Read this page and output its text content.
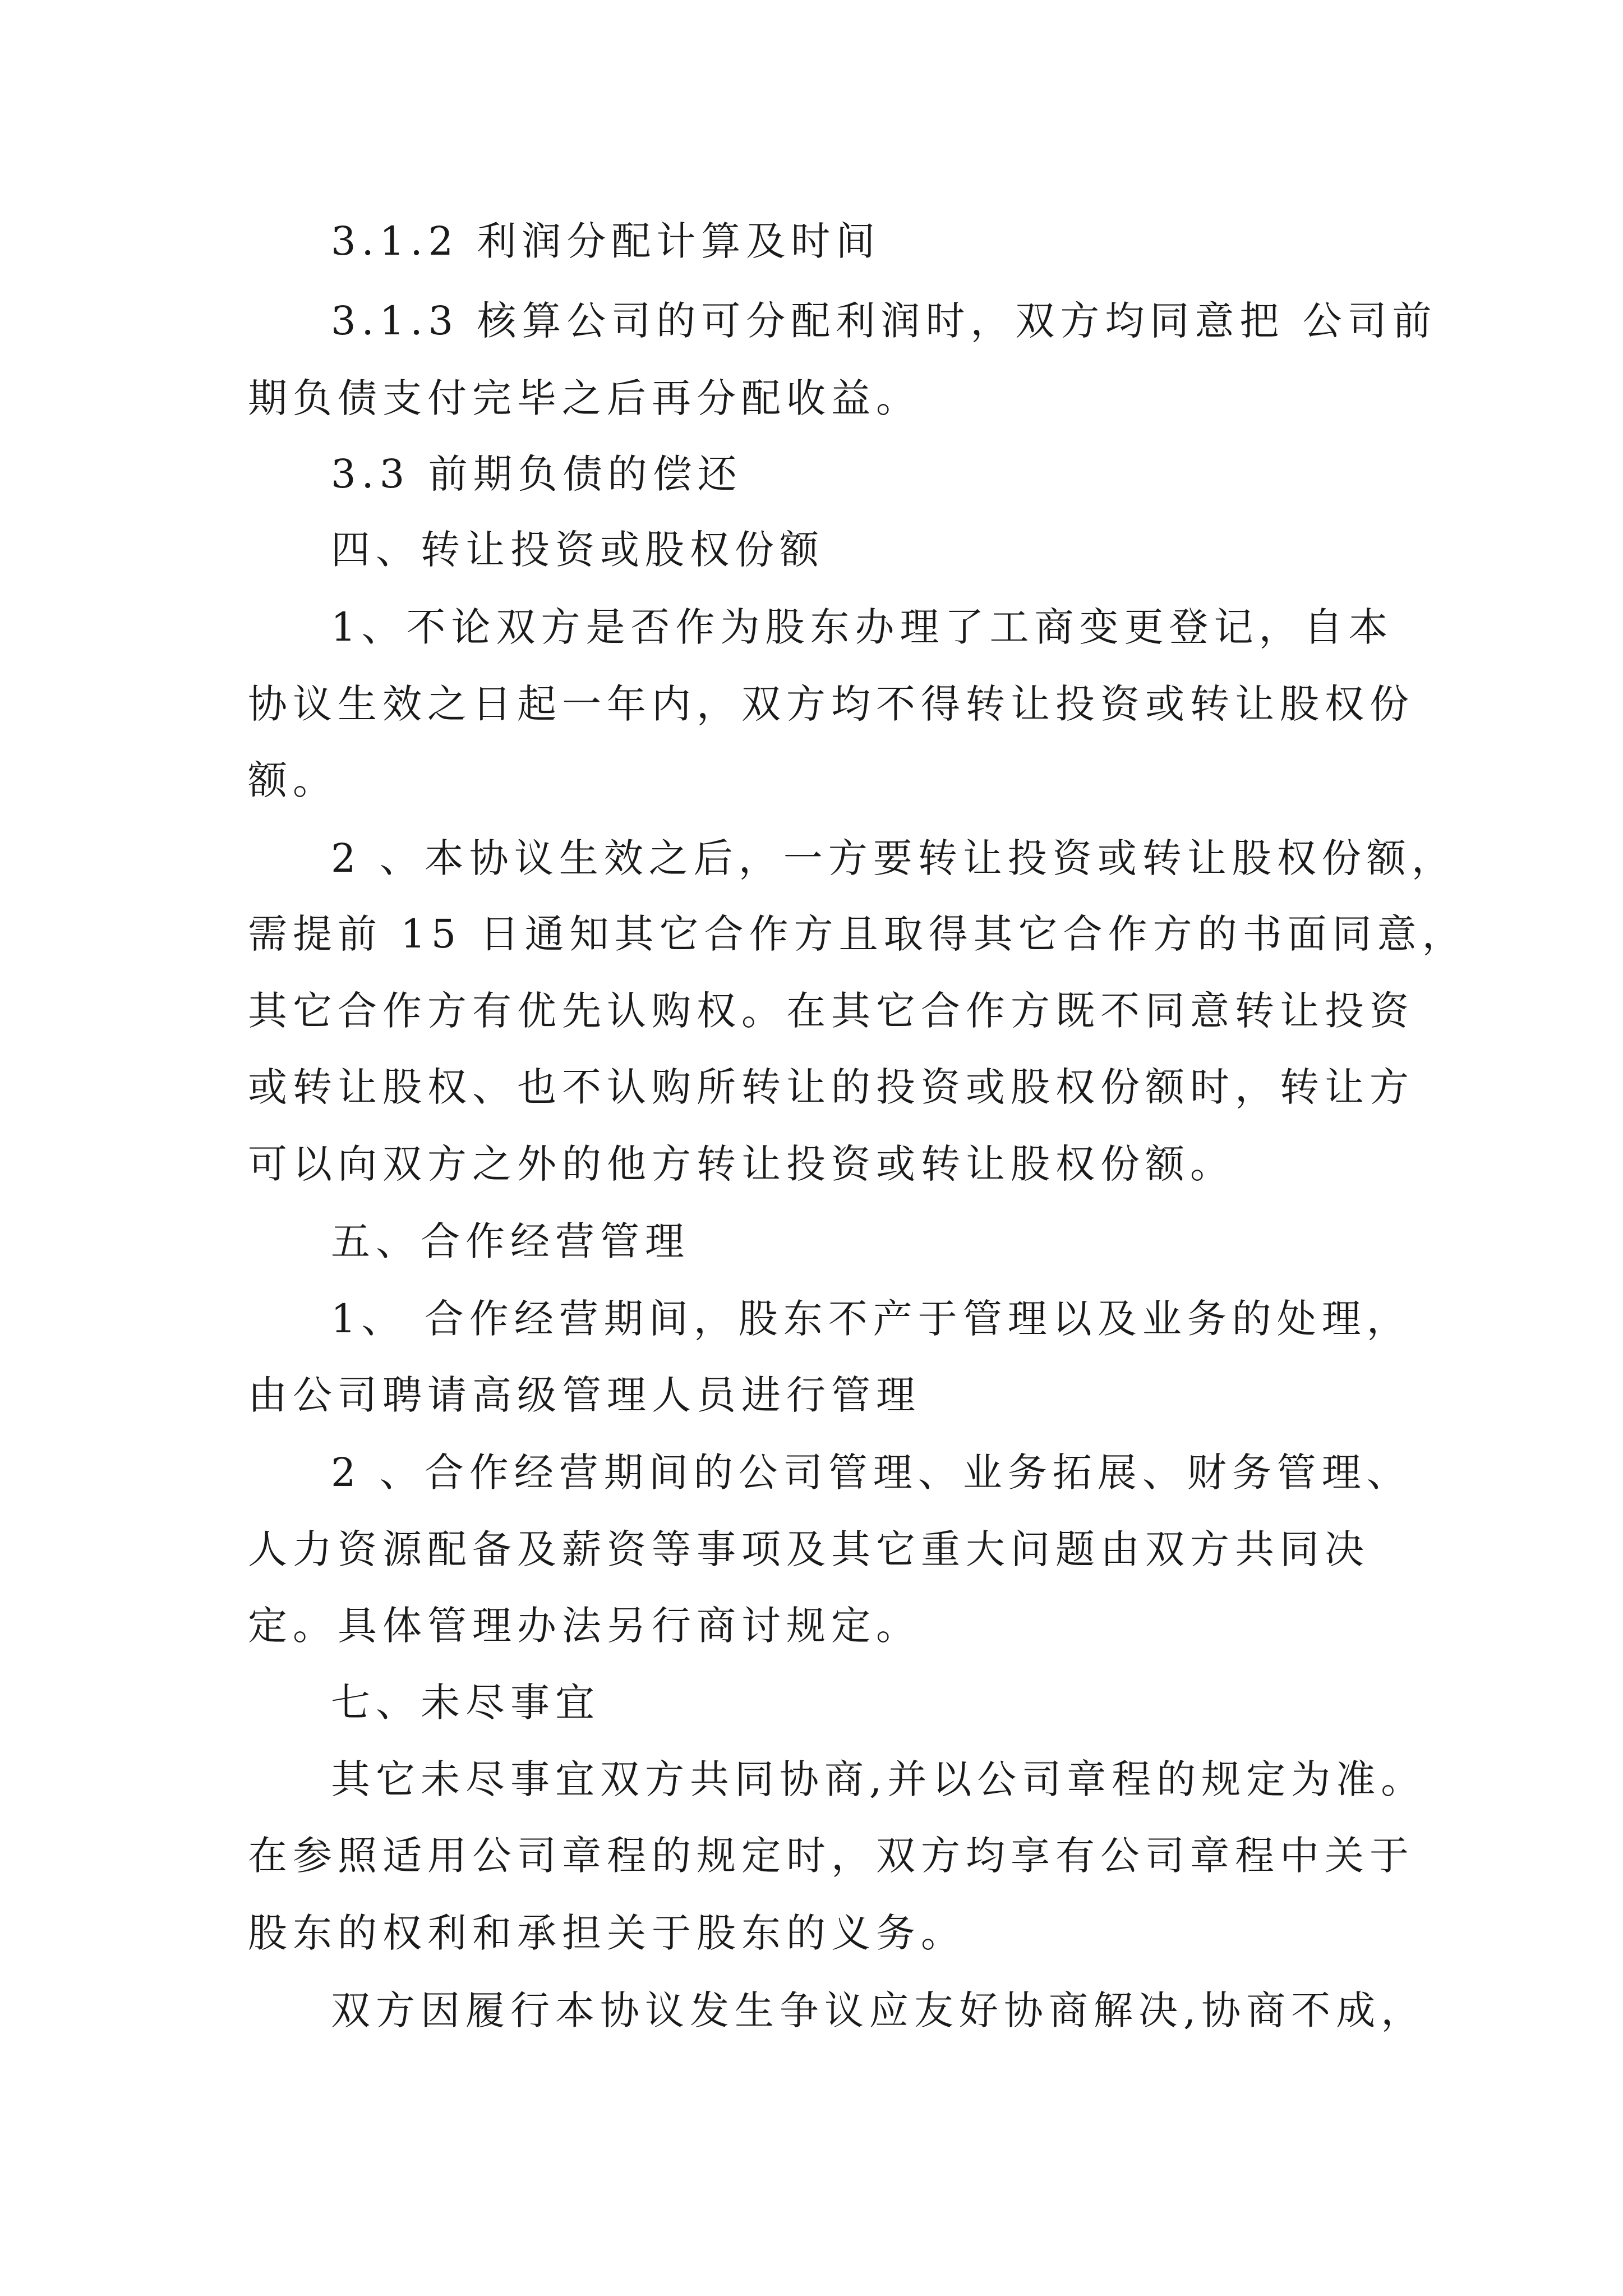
3.1.2 利润分配计算及时间

3.1.3 核算公司的可分配利润时，双方均同意把 公司前

期负债支付完毕之后再分配收益。

3.3 前期负债的偿还

四、转让投资或股权份额

1、不论双方是否作为股东办理了工商变更登记，自本

协议生效之日起一年内，双方均不得转让投资或转让股权份

额。

2 、本协议生效之后，一方要转让投资或转让股权份额，

需提前 15 日通知其它合作方且取得其它合作方的书面同意，

其它合作方有优先认购权。在其它合作方既不同意转让投资

或转让股权、也不认购所转让的投资或股权份额时，转让方

可以向双方之外的他方转让投资或转让股权份额。

五、合作经营管理

1、 合作经营期间，股东不产于管理以及业务的处理，

由公司聘请高级管理人员进行管理

2 、合作经营期间的公司管理、业务拓展、财务管理、

人力资源配备及薪资等事项及其它重大问题由双方共同决

定。具体管理办法另行商讨规定。

七、未尽事宜

其它未尽事宜双方共同协商,并以公司章程的规定为准。

在参照适用公司章程的规定时，双方均享有公司章程中关于

股东的权利和承担关于股东的义务。

双方因履行本协议发生争议应友好协商解决,协商不成，
